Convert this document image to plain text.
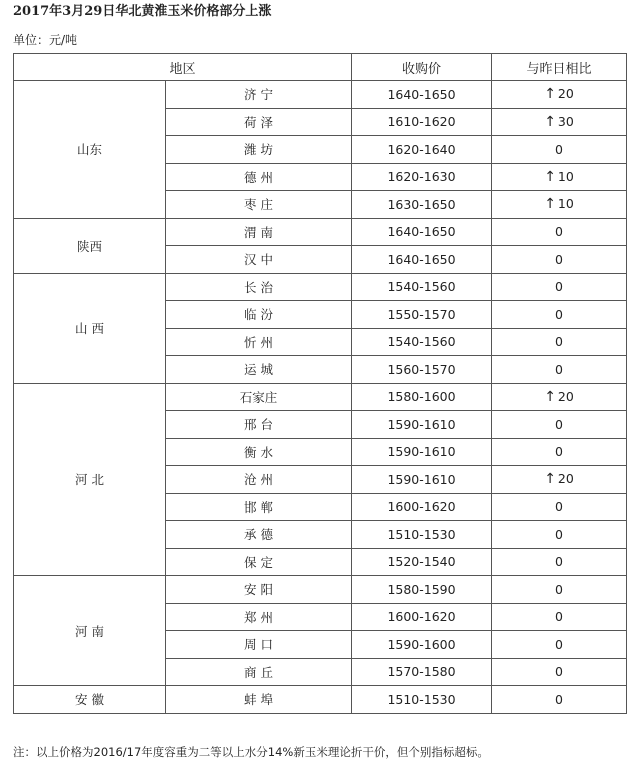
2017年3月29日华北黄淮玉米价格部分上涨
单位：元/吨
地区		收购价	与昨日相比
山东	济 宁	1640-1650	↑ 20
	荷 泽	1610-1620	↑ 30
	潍 坊	1620-1640	0
	德 州	1620-1630	↑ 10
	枣 庄	1630-1650	↑ 10
陕西	渭 南	1640-1650	0
	汉 中	1640-1650	0
山 西	长 治	1540-1560	0
	临 汾	1550-1570	0
	忻 州	1540-1560	0
	运 城	1560-1570	0
河 北	石家庄	1580-1600	↑ 20
	邢 台	1590-1610	0
	衡 水	1590-1610	0
	沧 州	1590-1610	↑ 20
	邯 郸	1600-1620	0
	承 德	1510-1530	0
	保 定	1520-1540	0
河 南	安 阳	1580-1590	0
	郑 州	1600-1620	0
	周 口	1590-1600	0
	商 丘	1570-1580	0
安 徽	蚌 埠	1510-1530	0
注：以上价格为2016/17年度容重为二等以上水分14%新玉米理论折干价，但个别指标超标。
